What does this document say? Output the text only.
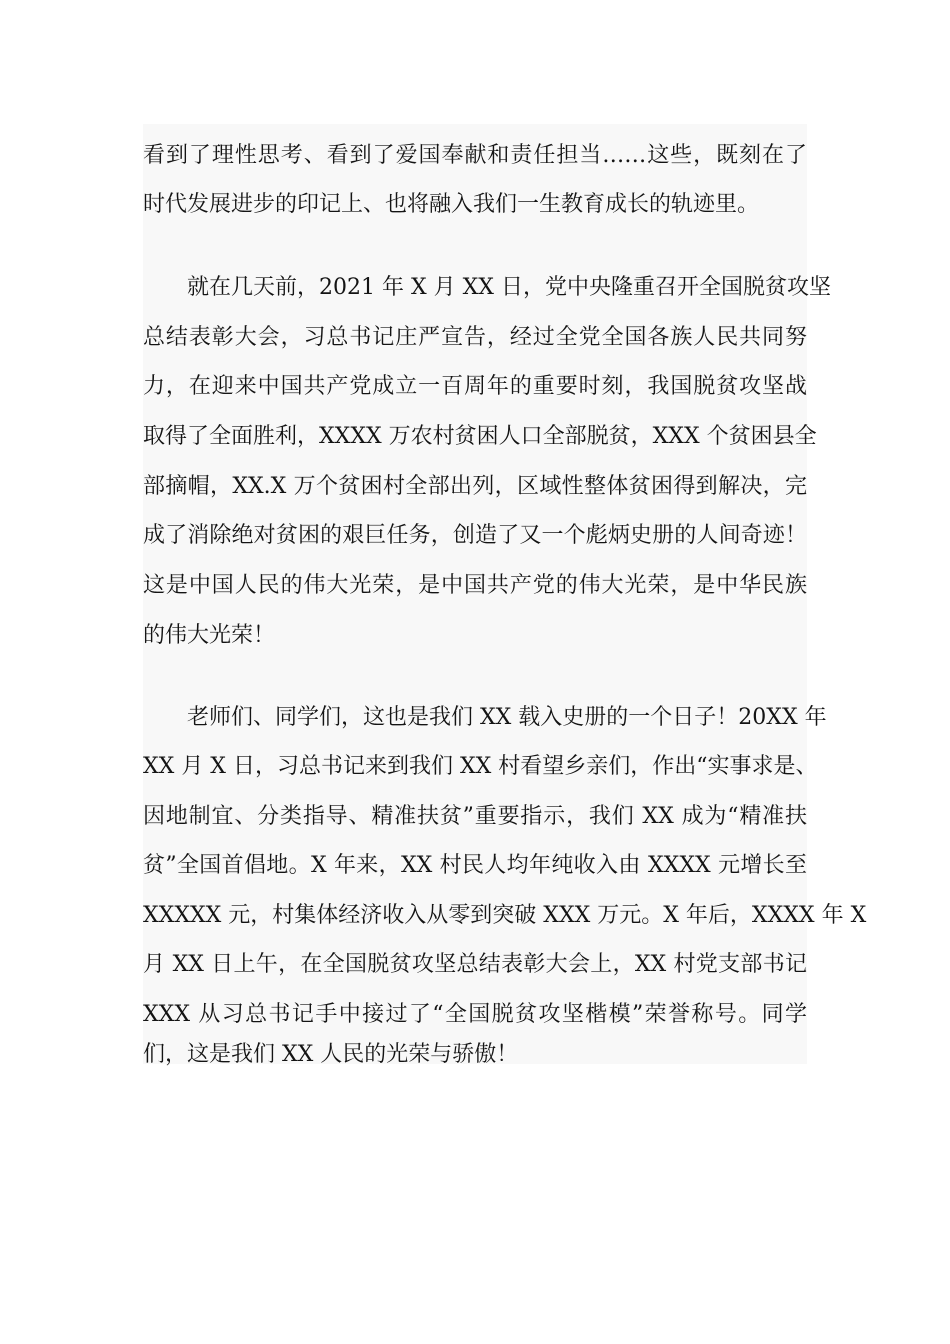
看到了理性思考、看到了爱国奉献和责任担当……这些，既刻在了
时代发展进步的印记上、也将融入我们一生教育成长的轨迹里。
就在几天前，2021 年 X 月 XX 日，党中央隆重召开全国脱贫攻坚
总结表彰大会，习总书记庄严宣告，经过全党全国各族人民共同努
力，在迎来中国共产党成立一百周年的重要时刻，我国脱贫攻坚战
取得了全面胜利，XXXX 万农村贫困人口全部脱贫，XXX 个贫困县全
部摘帽，XX.X 万个贫困村全部出列，区域性整体贫困得到解决，完
成了消除绝对贫困的艰巨任务，创造了又一个彪炳史册的人间奇迹！
这是中国人民的伟大光荣，是中国共产党的伟大光荣，是中华民族
的伟大光荣！
老师们、同学们，这也是我们 XX 载入史册的一个日子！20XX 年
XX 月 X 日，习总书记来到我们 XX 村看望乡亲们，作出“实事求是、
因地制宜、分类指导、精准扶贫”重要指示，我们 XX 成为“精准扶
贫”全国首倡地。X 年来，XX 村民人均年纯收入由 XXXX 元增长至
XXXXX 元，村集体经济收入从零到突破 XXX 万元。X 年后，XXXX 年 X
月 XX 日上午，在全国脱贫攻坚总结表彰大会上，XX 村党支部书记
XXX 从习总书记手中接过了“全国脱贫攻坚楷模”荣誉称号。同学
们，这是我们 XX 人民的光荣与骄傲！
